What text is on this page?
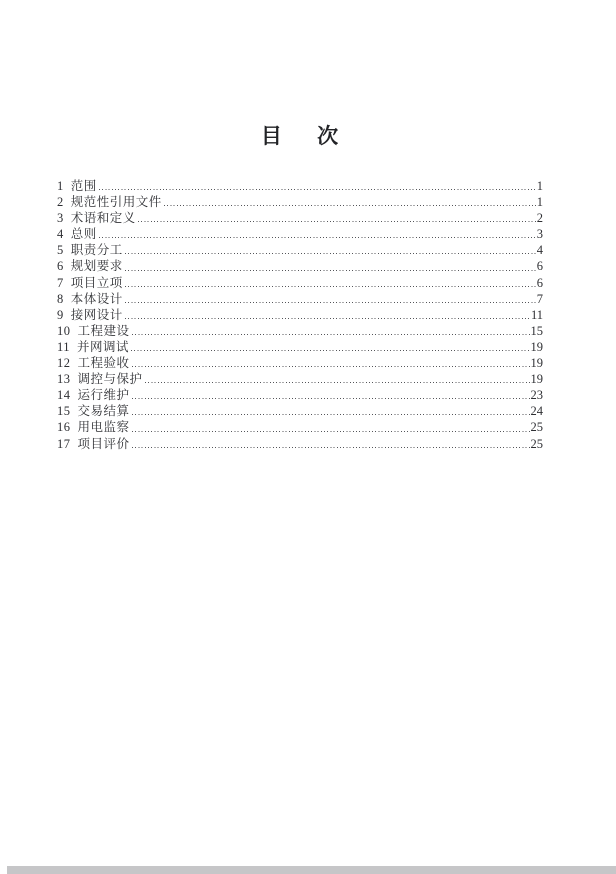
目 次
1 范围	1
2 规范性引用文件	1
3 术语和定义	2
4 总则	3
5 职责分工	4
6 规划要求	6
7 项目立项	6
8 本体设计	7
9 接网设计	11
10 工程建设	15
11 并网调试	19
12 工程验收	19
13 调控与保护	19
14 运行维护	23
15 交易结算	24
16 用电监察	25
17 项目评价	25
